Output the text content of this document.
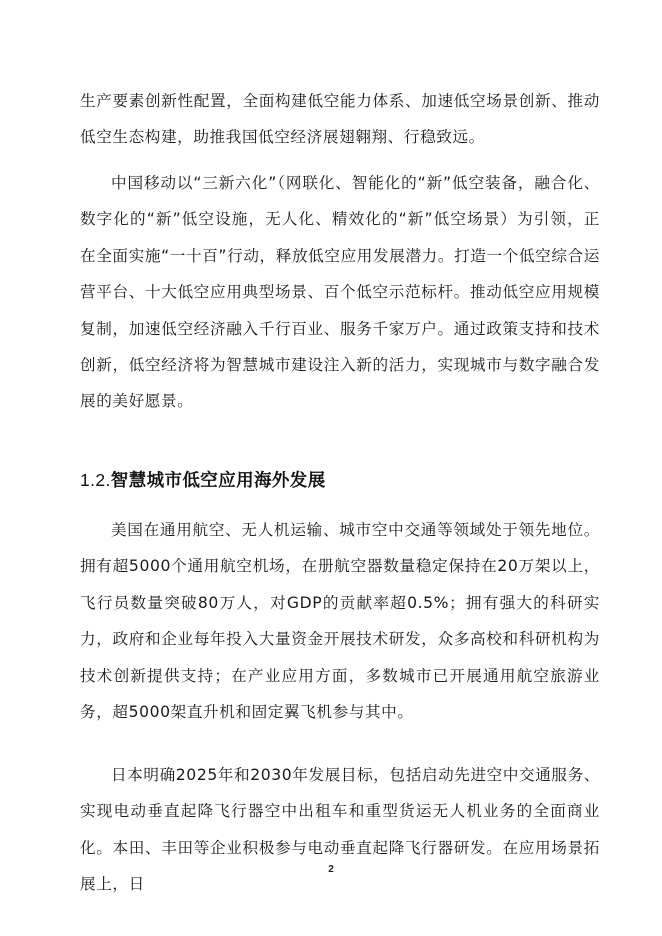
生产要素创新性配置，全面构建低空能力体系、加速低空场景创新、推动低空生态构建，助推我国低空经济展翅翱翔、行稳致远。

中国移动以“三新六化”（网联化、智能化的“新”低空装备，融合化、数字化的“新”低空设施，无人化、精效化的“新”低空场景）为引领，正在全面实施“一十百”行动，释放低空应用发展潜力。打造一个低空综合运营平台、十大低空应用典型场景、百个低空示范标杆。推动低空应用规模复制，加速低空经济融入千行百业、服务千家万户。通过政策支持和技术创新，低空经济将为智慧城市建设注入新的活力，实现城市与数字融合发展的美好愿景。

1.2.智慧城市低空应用海外发展

美国在通用航空、无人机运输、城市空中交通等领域处于领先地位。拥有超5000个通用航空机场，在册航空器数量稳定保持在20万架以上，飞行员数量突破80万人，对GDP的贡献率超0.5%；拥有强大的科研实力，政府和企业每年投入大量资金开展技术研发，众多高校和科研机构为技术创新提供支持；在产业应用方面，多数城市已开展通用航空旅游业务，超5000架直升机和固定翼飞机参与其中。

日本明确2025年和2030年发展目标，包括启动先进空中交通服务、实现电动垂直起降飞行器空中出租车和重型货运无人机业务的全面商业化。本田、丰田等企业积极参与电动垂直起降飞行器研发。在应用场景拓展上，日

2
